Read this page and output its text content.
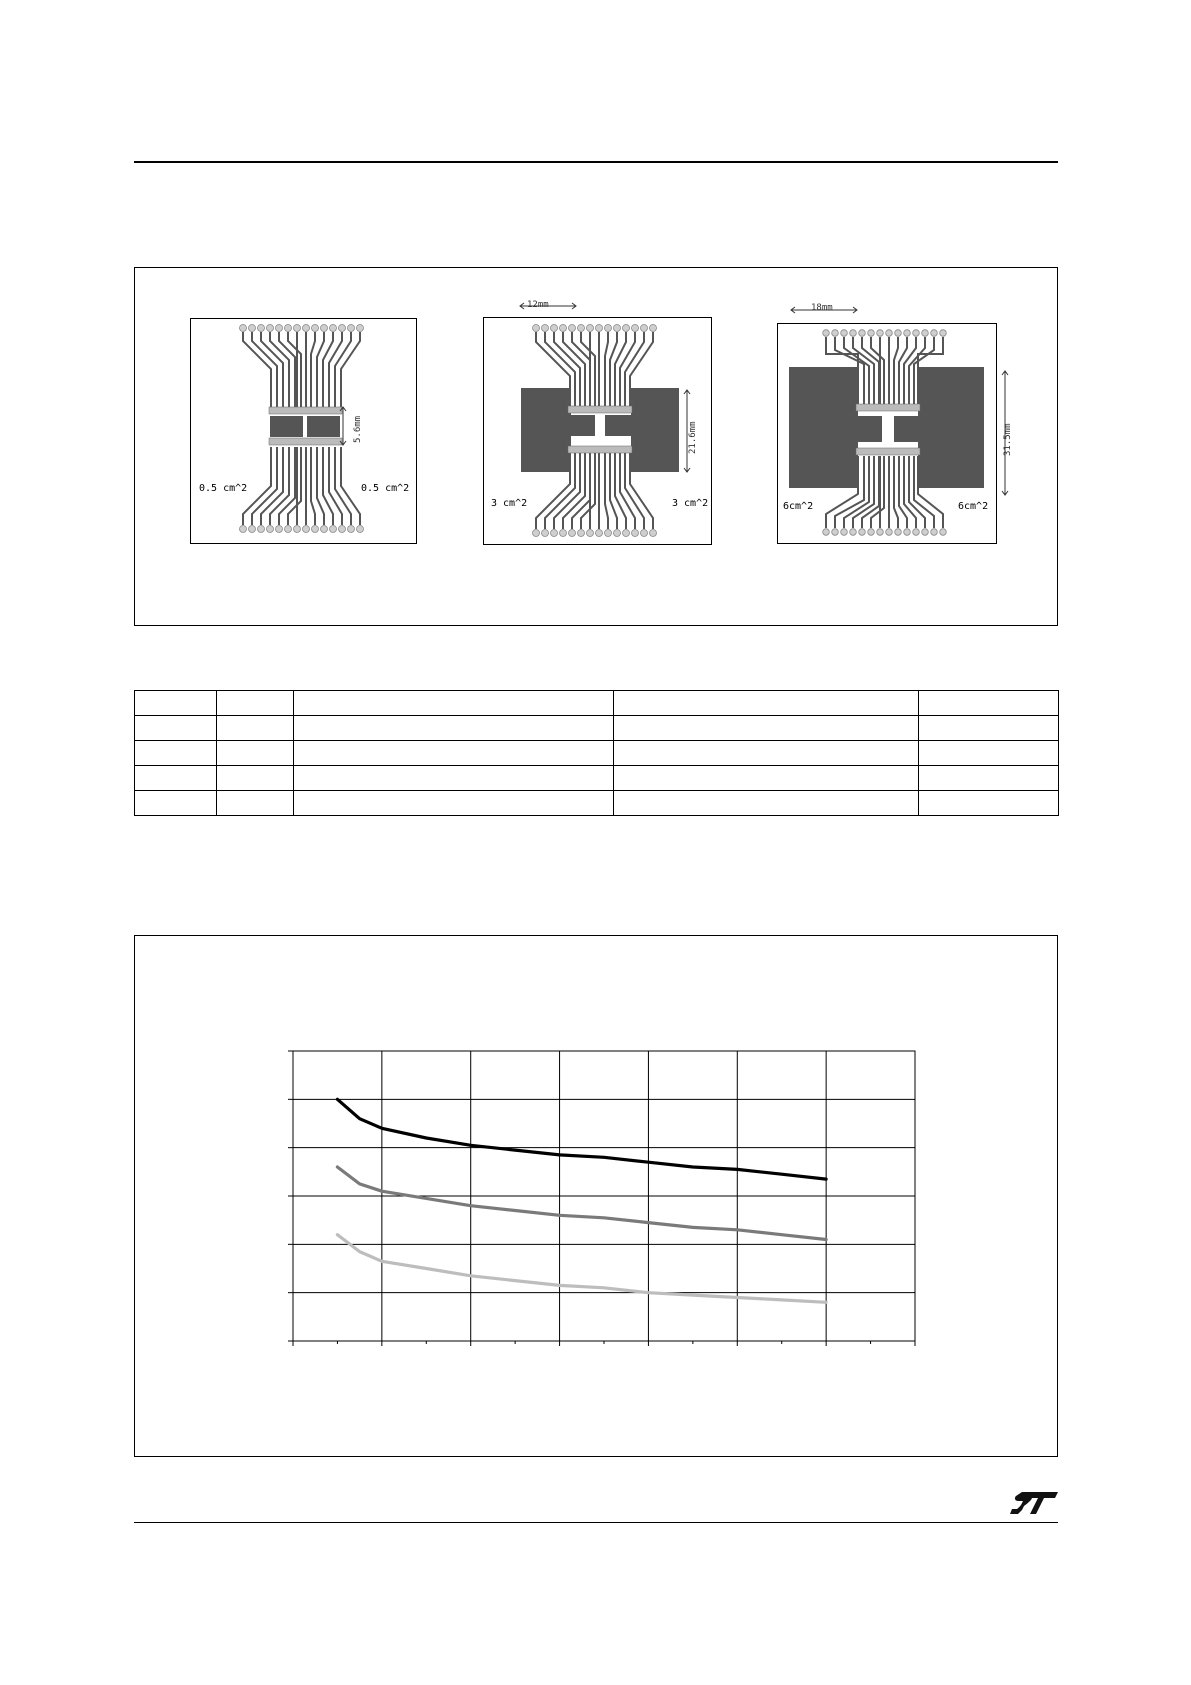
0.5 cm^2	0.5 cm^2
5.6mm
12mm
3 cm^2	3 cm^2
21.6mm
18mm
6cm^2	6cm^2
31.5mm
